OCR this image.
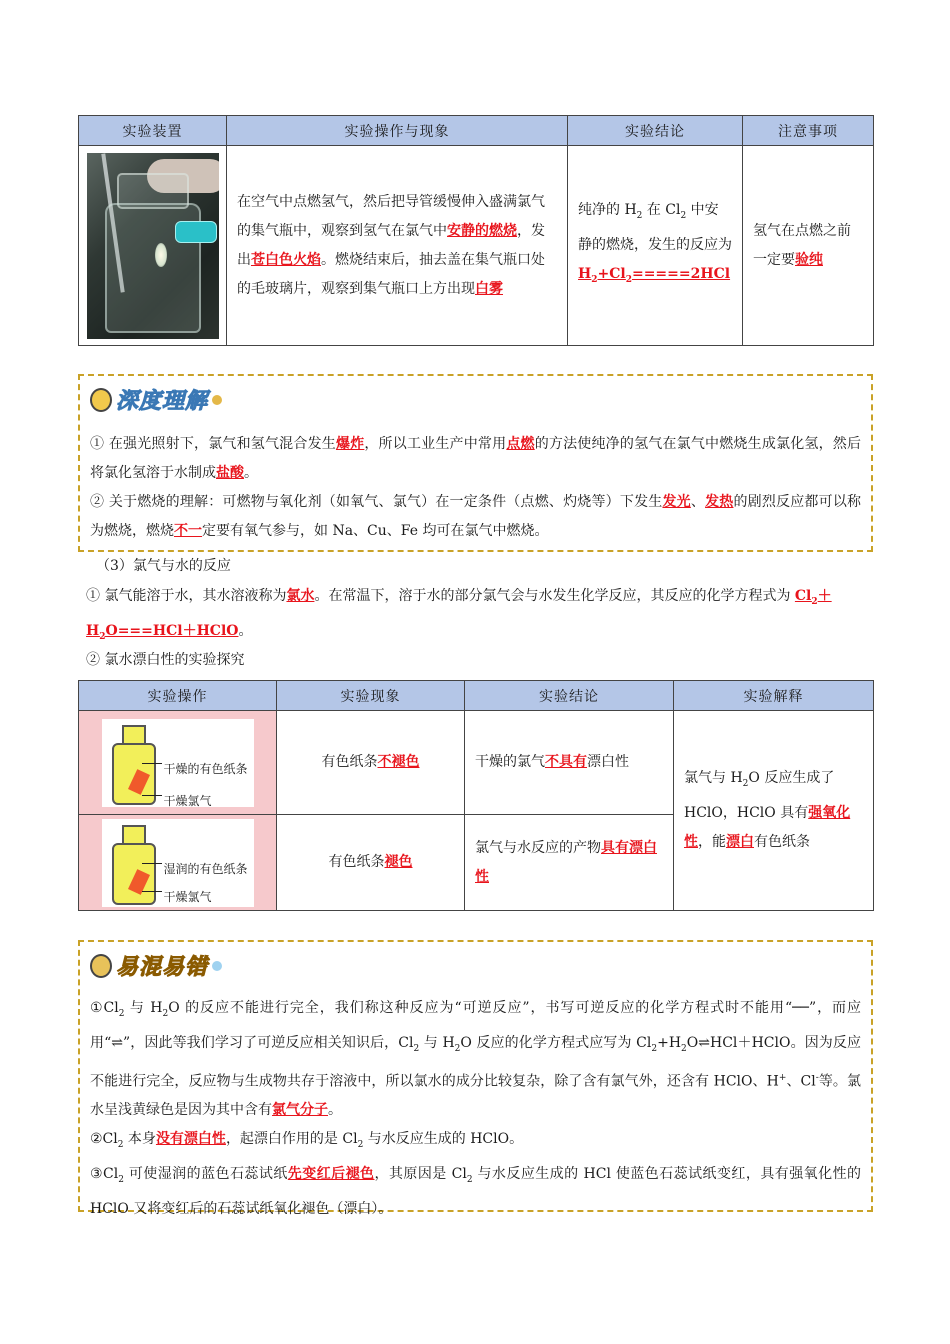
实验装置	实验操作与现象	实验结论	注意事项

	在空气中点燃氢气，然后把导管缓慢伸入盛满氯气的集气瓶中，观察到氢气在氯气中安静的燃烧，发出苍白色火焰。燃烧结束后，抽去盖在集气瓶口处的毛玻璃片，观察到集气瓶口上方出现白雾	纯净的 $H_2$ 在 $Cl_2$ 中安静的燃烧，发生的反应为
$H_2+Cl_2=====2HCl$	氢气在点燃之前一定要验纯
深度理解

① 在强光照射下，氯气和氢气混合发生爆炸，所以工业生产中常用点燃的方法使纯净的氢气在氯气中燃烧生成氯化氢，然后将氯化氢溶于水制成盐酸。

② 关于燃烧的理解：可燃物与氧化剂（如氧气、氯气）在一定条件（点燃、灼烧等）下发生发光、发热的剧烈反应都可以称为燃烧，燃烧不一定要有氧气参与，如 Na、Cu、Fe 均可在氯气中燃烧。

（3）氯气与水的反应
① 氯气能溶于水，其水溶液称为氯水。在常温下，溶于水的部分氯气会与水发生化学反应，其反应的化学方程式为 $Cl_2+H_2O===HCl+HClO$。
② 氯水漂白性的实验探究
实验操作	实验现象	实验结论	实验解释

干燥的有色纸条
干燥氯气	有色纸条不褪色	干燥的氯气不具有漂白性	氯气与 $H_2O$ 反应生成了 HClO，HClO 具有强氧化性，能漂白有色纸条

湿润的有色纸条
干燥氯气	有色纸条褪色	氯气与水反应的产物具有漂白性	
易混易错

$①Cl_2$ 与 $H_2O$ 的反应不能进行完全，我们称这种反应为“可逆反应”，书写可逆反应的化学方程式时不能用“──”，而应用“⇌”，因此等我们学习了可逆反应相关知识后，$Cl_2$ 与 $H_2O$ 反应的化学方程式应写为 $Cl_2+H_2O\rightleftharpoons HCl+HClO$。因为反应不能进行完全，反应物与生成物共存于溶液中，所以氯水的成分比较复杂，除了含有氯气外，还含有 HClO、H+、Cl-等。氯水呈浅黄绿色是因为其中含有氯气分子。

$②Cl_2$ 本身没有漂白性，起漂白作用的是 $Cl_2$ 与水反应生成的 HClO。

$③Cl_2$ 可使湿润的蓝色石蕊试纸先变红后褪色，其原因是 $Cl_2$ 与水反应生成的 HCl 使蓝色石蕊试纸变红，具有强氧化性的 HClO 又将变红后的石蕊试纸氧化褪色（漂白）。
